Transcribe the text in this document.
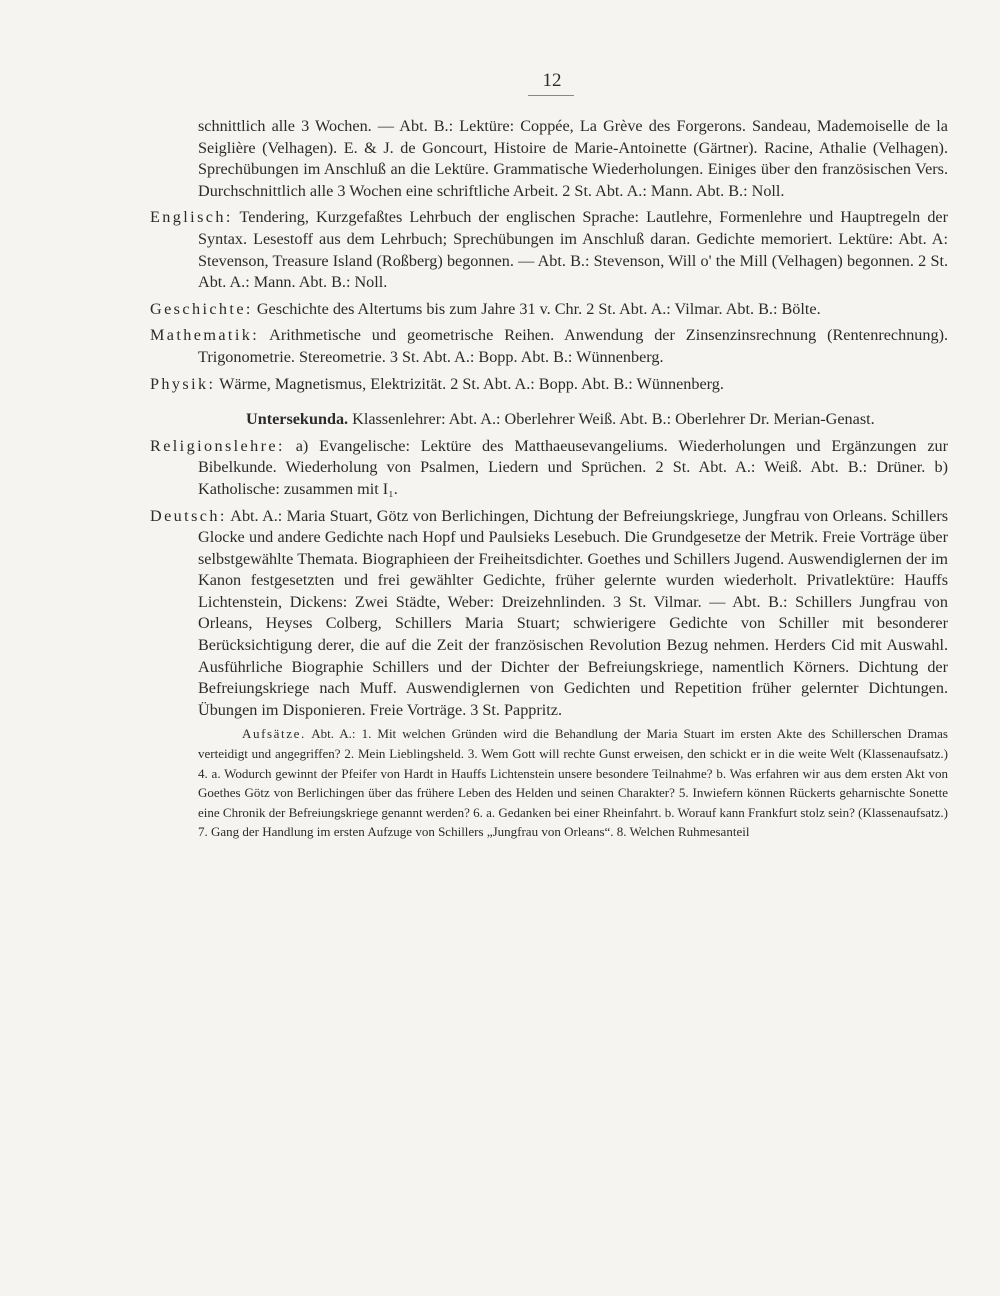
12

schnittlich alle 3 Wochen. — Abt. B.: Lektüre: Coppée, La Grève des Forgerons. Sandeau, Mademoiselle de la Seiglière (Velhagen). E. & J. de Goncourt, Histoire de Marie-Antoinette (Gärtner). Racine, Athalie (Velhagen). Sprechübungen im Anschluß an die Lektüre. Grammatische Wiederholungen. Einiges über den französischen Vers. Durchschnittlich alle 3 Wochen eine schriftliche Arbeit. 2 St. Abt. A.: Mann. Abt. B.: Noll.

Englisch: Tendering, Kurzgefaßtes Lehrbuch der englischen Sprache: Lautlehre, Formenlehre und Hauptregeln der Syntax. Lesestoff aus dem Lehrbuch; Sprechübungen im Anschluß daran. Gedichte memoriert. Lektüre: Abt. A: Stevenson, Treasure Island (Roßberg) begonnen. — Abt. B.: Stevenson, Will o' the Mill (Velhagen) begonnen. 2 St. Abt. A.: Mann. Abt. B.: Noll.

Geschichte: Geschichte des Altertums bis zum Jahre 31 v. Chr. 2 St. Abt. A.: Vilmar. Abt. B.: Bölte.

Mathematik: Arithmetische und geometrische Reihen. Anwendung der Zinsenzinsrechnung (Rentenrechnung). Trigonometrie. Stereometrie. 3 St. Abt. A.: Bopp. Abt. B.: Wünnenberg.

Physik: Wärme, Magnetismus, Elektrizität. 2 St. Abt. A.: Bopp. Abt. B.: Wünnenberg.

Untersekunda. Klassenlehrer: Abt. A.: Oberlehrer Weiß. Abt. B.: Oberlehrer Dr. Merian-Genast.

Religionslehre: a) Evangelische: Lektüre des Matthaeusevangeliums. Wiederholungen und Ergänzungen zur Bibelkunde. Wiederholung von Psalmen, Liedern und Sprüchen. 2 St. Abt. A.: Weiß. Abt. B.: Drüner. b) Katholische: zusammen mit I₁.

Deutsch: Abt. A.: Maria Stuart, Götz von Berlichingen, Dichtung der Befreiungskriege, Jungfrau von Orleans. Schillers Glocke und andere Gedichte nach Hopf und Paulsieks Lesebuch. Die Grundgesetze der Metrik. Freie Vorträge über selbstgewählte Themata. Biographieen der Freiheitsdichter. Goethes und Schillers Jugend. Auswendiglernen der im Kanon festgesetzten und frei gewählter Gedichte, früher gelernte wurden wiederholt. Privatlektüre: Hauffs Lichtenstein, Dickens: Zwei Städte, Weber: Dreizehnlinden. 3 St. Vilmar. — Abt. B.: Schillers Jungfrau von Orleans, Heyses Colberg, Schillers Maria Stuart; schwierigere Gedichte von Schiller mit besonderer Berücksichtigung derer, die auf die Zeit der französischen Revolution Bezug nehmen. Herders Cid mit Auswahl. Ausführliche Biographie Schillers und der Dichter der Befreiungskriege, namentlich Körners. Dichtung der Befreiungskriege nach Muff. Auswendiglernen von Gedichten und Repetition früher gelernter Dichtungen. Übungen im Disponieren. Freie Vorträge. 3 St. Pappritz.

Aufsätze. Abt. A.: 1. Mit welchen Gründen wird die Behandlung der Maria Stuart im ersten Akte des Schillerschen Dramas verteidigt und angegriffen? 2. Mein Lieblingsheld. 3. Wem Gott will rechte Gunst erweisen, den schickt er in die weite Welt (Klassenaufsatz.) 4. a. Wodurch gewinnt der Pfeifer von Hardt in Hauffs Lichtenstein unsere besondere Teilnahme? b. Was erfahren wir aus dem ersten Akt von Goethes Götz von Berlichingen über das frühere Leben des Helden und seinen Charakter? 5. Inwiefern können Rückerts geharnischte Sonette eine Chronik der Befreiungskriege genannt werden? 6. a. Gedanken bei einer Rheinfahrt. b. Worauf kann Frankfurt stolz sein? (Klassenaufsatz.) 7. Gang der Handlung im ersten Aufzuge von Schillers „Jungfrau von Orleans“. 8. Welchen Ruhmesanteil
